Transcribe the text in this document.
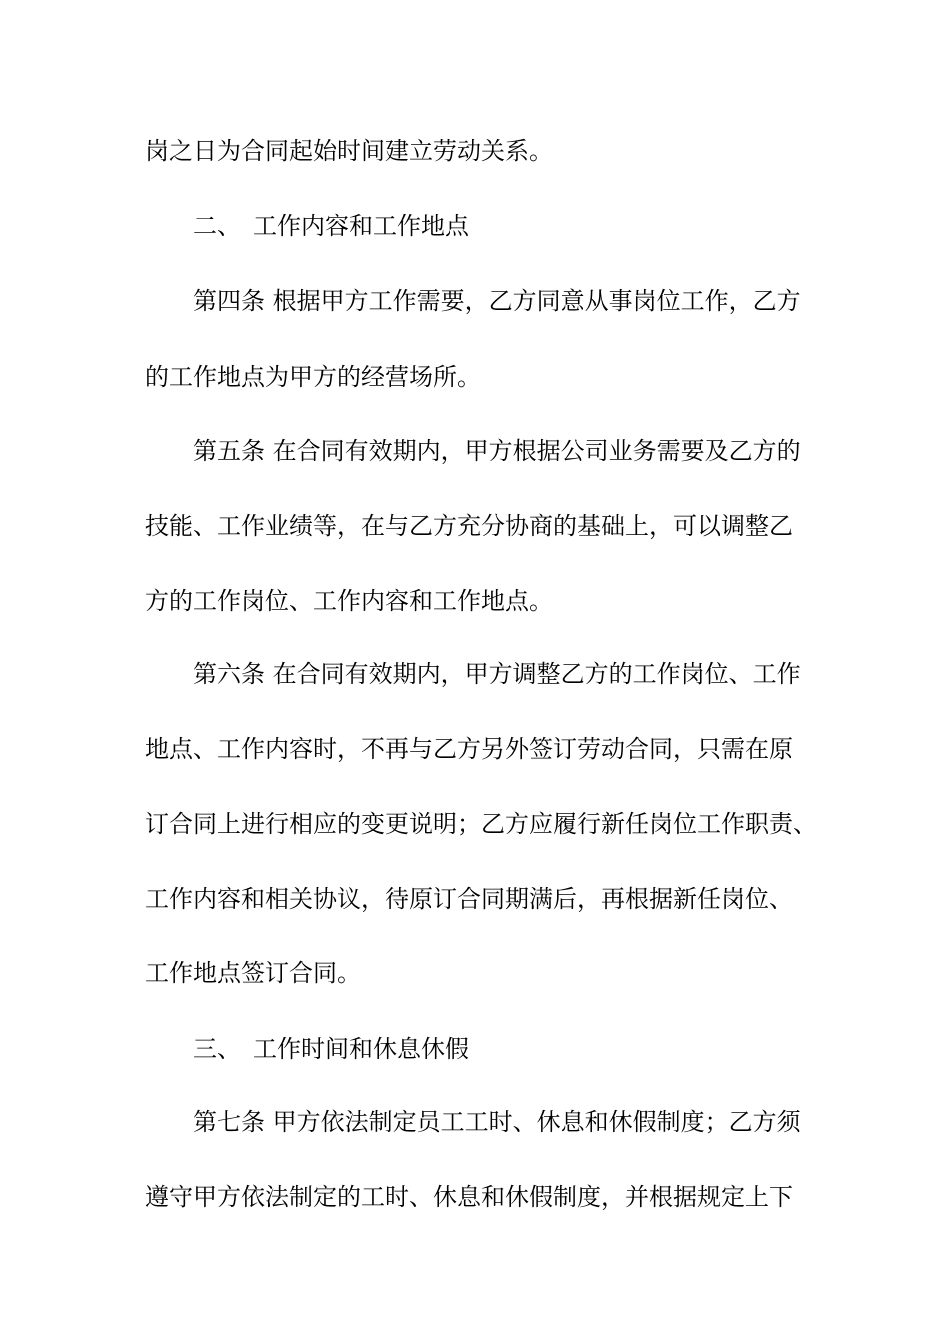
岗之日为合同起始时间建立劳动关系。
二、 工作内容和工作地点
第四条 根据甲方工作需要，乙方同意从事岗位工作，乙方
的工作地点为甲方的经营场所。
第五条 在合同有效期内，甲方根据公司业务需要及乙方的
技能、工作业绩等，在与乙方充分协商的基础上，可以调整乙
方的工作岗位、工作内容和工作地点。
第六条 在合同有效期内，甲方调整乙方的工作岗位、工作
地点、工作内容时，不再与乙方另外签订劳动合同，只需在原
订合同上进行相应的变更说明；乙方应履行新任岗位工作职责、
工作内容和相关协议，待原订合同期满后，再根据新任岗位、
工作地点签订合同。
三、 工作时间和休息休假
第七条 甲方依法制定员工工时、休息和休假制度；乙方须
遵守甲方依法制定的工时、休息和休假制度，并根据规定上下
